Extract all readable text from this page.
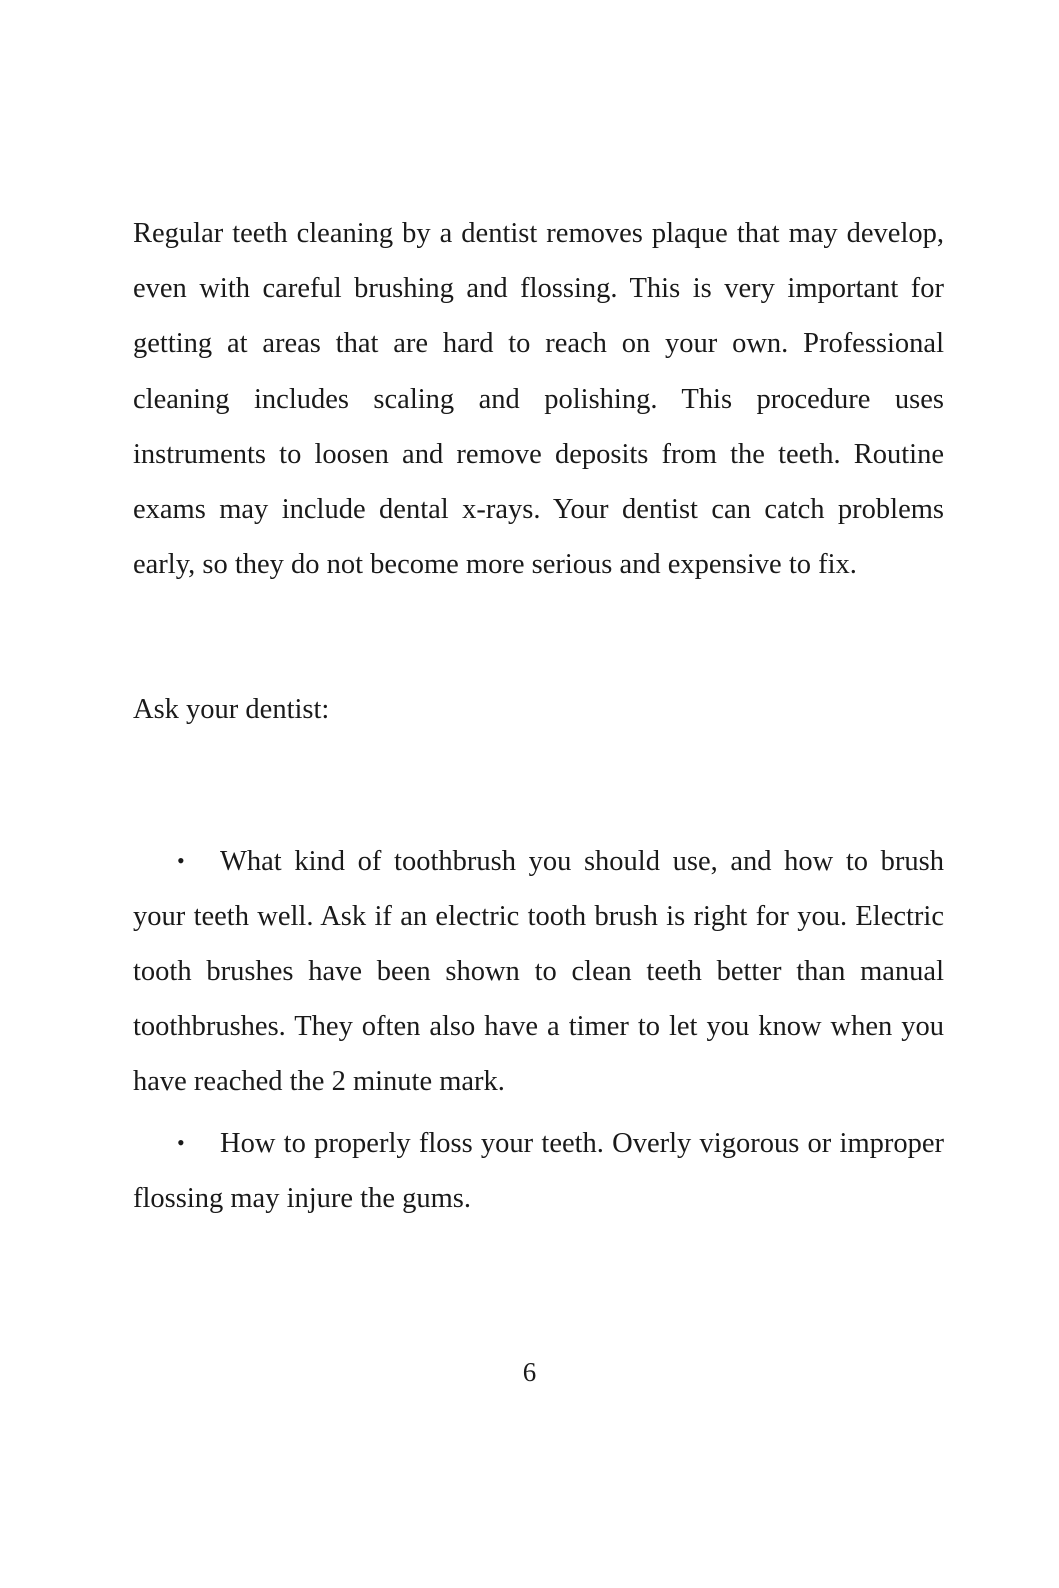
Regular teeth cleaning by a dentist removes plaque that may develop, even with careful brushing and flossing. This is very important for getting at areas that are hard to reach on your own. Professional cleaning includes scaling and polishing. This procedure uses instruments to loosen and remove deposits from the teeth. Routine exams may include dental x-rays. Your dentist can catch problems early, so they do not become more serious and expensive to fix.

Ask your dentist:

• What kind of toothbrush you should use, and how to brush your teeth well. Ask if an electric tooth brush is right for you. Electric tooth brushes have been shown to clean teeth better than manual toothbrushes. They often also have a timer to let you know when you have reached the 2 minute mark.

• How to properly floss your teeth. Overly vigorous or improper flossing may injure the gums.

6
